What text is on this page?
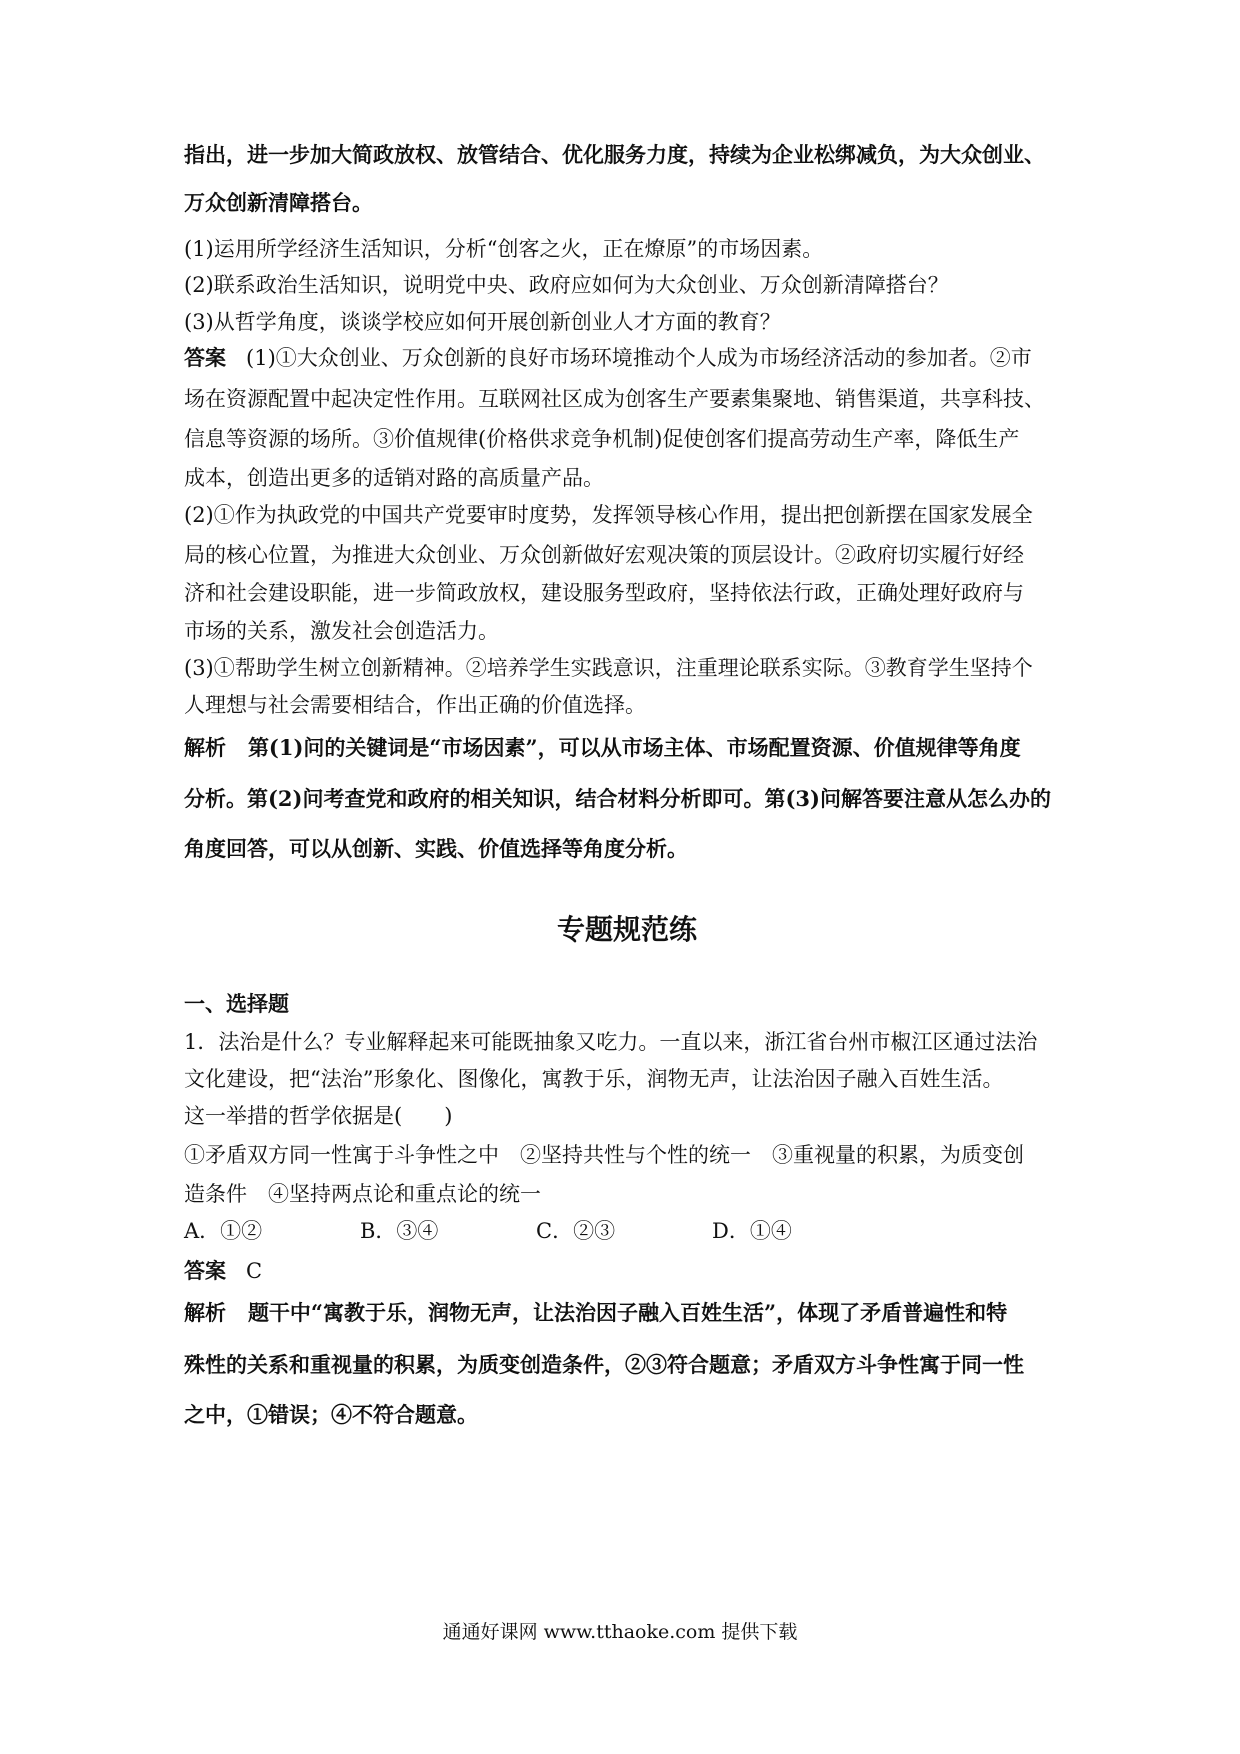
指出，进一步加大简政放权、放管结合、优化服务力度，持续为企业松绑减负，为大众创业、
万众创新清障搭台。
(1)运用所学经济生活知识，分析“创客之火，正在燎原”的市场因素。
(2)联系政治生活知识，说明党中央、政府应如何为大众创业、万众创新清障搭台？
(3)从哲学角度，谈谈学校应如何开展创新创业人才方面的教育？
答案 (1)①大众创业、万众创新的良好市场环境推动个人成为市场经济活动的参加者。②市
场在资源配置中起决定性作用。互联网社区成为创客生产要素集聚地、销售渠道，共享科技、
信息等资源的场所。③价值规律(价格供求竞争机制)促使创客们提高劳动生产率，降低生产
成本，创造出更多的适销对路的高质量产品。
(2)①作为执政党的中国共产党要审时度势，发挥领导核心作用，提出把创新摆在国家发展全
局的核心位置，为推进大众创业、万众创新做好宏观决策的顶层设计。②政府切实履行好经
济和社会建设职能，进一步简政放权，建设服务型政府，坚持依法行政，正确处理好政府与
市场的关系，激发社会创造活力。
(3)①帮助学生树立创新精神。②培养学生实践意识，注重理论联系实际。③教育学生坚持个
人理想与社会需要相结合，作出正确的价值选择。
解析 第(1)问的关键词是“市场因素”，可以从市场主体、市场配置资源、价值规律等角度
分析。第(2)问考查党和政府的相关知识，结合材料分析即可。第(3)问解答要注意从怎么办的
角度回答，可以从创新、实践、价值选择等角度分析。
专题规范练
一、选择题
1．法治是什么？专业解释起来可能既抽象又吃力。一直以来，浙江省台州市椒江区通过法治
文化建设，把“法治”形象化、图像化，寓教于乐，润物无声，让法治因子融入百姓生活。
这一举措的哲学依据是(　　)
①矛盾双方同一性寓于斗争性之中　②坚持共性与个性的统一　③重视量的积累，为质变创
造条件　④坚持两点论和重点论的统一
A．①②	B．③④	C．②③	D．①④
答案 C
解析 题干中“寓教于乐，润物无声，让法治因子融入百姓生活”，体现了矛盾普遍性和特
殊性的关系和重视量的积累，为质变创造条件，②③符合题意；矛盾双方斗争性寓于同一性
之中，①错误；④不符合题意。
通通好课网 www.tthaoke.com 提供下载
